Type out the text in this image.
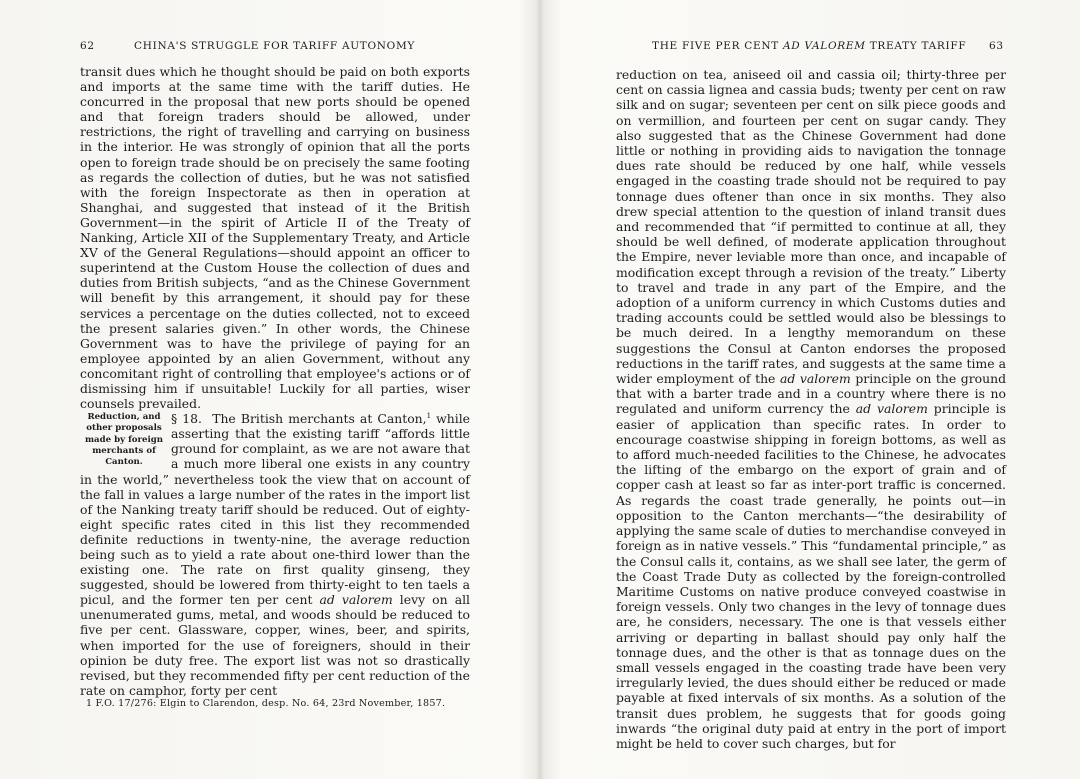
62	CHINA'S STRUGGLE FOR TARIFF AUTONOMY

transit dues which he thought should be paid on both exports and imports at the same time with the tariff duties. He concurred in the proposal that new ports should be opened and that foreign traders should be allowed, under restrictions, the right of travelling and carrying on business in the interior. He was strongly of opinion that all the ports open to foreign trade should be on precisely the same footing as regards the collection of duties, but he was not satisfied with the foreign Inspectorate as then in operation at Shanghai, and suggested that instead of it the British Government—in the spirit of Article II of the Treaty of Nanking, Article XII of the Supplementary Treaty, and Article XV of the General Regulations—should appoint an officer to superintend at the Custom House the collection of dues and duties from British subjects, “and as the Chinese Government will benefit by this arrangement, it should pay for these services a percentage on the duties collected, not to exceed the present salaries given.” In other words, the Chinese Government was to have the privilege of paying for an employee appointed by an alien Government, without any concomitant right of controlling that employee's actions or of dismissing him if unsuitable! Luckily for all parties, wiser counsels prevailed.

Reduction, and other proposals made by foreign merchants of Canton.

§ 18. The British merchants at Canton,$^1$ while asserting that the existing tariff “affords little ground for complaint, as we are not aware that a much more liberal one exists in any country in the world,” nevertheless took the view that on account of the fall in values a large number of the rates in the import list of the Nanking treaty tariff should be reduced. Out of eighty-eight specific rates cited in this list they recommended definite reductions in twenty-nine, the average reduction being such as to yield a rate about one-third lower than the existing one. The rate on first quality ginseng, they suggested, should be lowered from thirty-eight to ten taels a picul, and the former ten per cent ad valorem levy on all unenumerated gums, metal, and woods should be reduced to five per cent. Glassware, copper, wines, beer, and spirits, when imported for the use of foreigners, should in their opinion be duty free. The export list was not so drastically revised, but they recommended fifty per cent reduction of the rate on camphor, forty per cent

1 F.O. 17/276: Elgin to Clarendon, desp. No. 64, 23rd November, 1857.
THE FIVE PER CENT AD VALOREM TREATY TARIFF 63

reduction on tea, aniseed oil and cassia oil; thirty-three per cent on cassia lignea and cassia buds; twenty per cent on raw silk and on sugar; seventeen per cent on silk piece goods and on vermillion, and fourteen per cent on sugar candy. They also suggested that as the Chinese Government had done little or nothing in providing aids to navigation the tonnage dues rate should be reduced by one half, while vessels engaged in the coasting trade should not be required to pay tonnage dues oftener than once in six months. They also drew special attention to the question of inland transit dues and recommended that “if permitted to continue at all, they should be well defined, of moderate application throughout the Empire, never leviable more than once, and incapable of modification except through a revision of the treaty.” Liberty to travel and trade in any part of the Empire, and the adoption of a uniform currency in which Customs duties and trading accounts could be settled would also be blessings to be much deired. In a lengthy memorandum on these suggestions the Consul at Canton endorses the proposed reductions in the tariff rates, and suggests at the same time a wider employment of the ad valorem principle on the ground that with a barter trade and in a country where there is no regulated and uniform currency the ad valorem principle is easier of application than specific rates. In order to encourage coastwise shipping in foreign bottoms, as well as to afford much-needed facilities to the Chinese, he advocates the lifting of the embargo on the export of grain and of copper cash at least so far as inter-port traffic is concerned. As regards the coast trade generally, he points out—in opposition to the Canton merchants—“the desirability of applying the same scale of duties to merchandise conveyed in foreign as in native vessels.” This “fundamental principle,” as the Consul calls it, contains, as we shall see later, the germ of the Coast Trade Duty as collected by the foreign-controlled Maritime Customs on native produce conveyed coastwise in foreign vessels. Only two changes in the levy of tonnage dues are, he considers, necessary. The one is that vessels either arriving or departing in ballast should pay only half the tonnage dues, and the other is that as tonnage dues on the small vessels engaged in the coasting trade have been very irregularly levied, the dues should either be reduced or made payable at fixed intervals of six months. As a solution of the transit dues problem, he suggests that for goods going inwards “the original duty paid at entry in the port of import might be held to cover such charges, but for
